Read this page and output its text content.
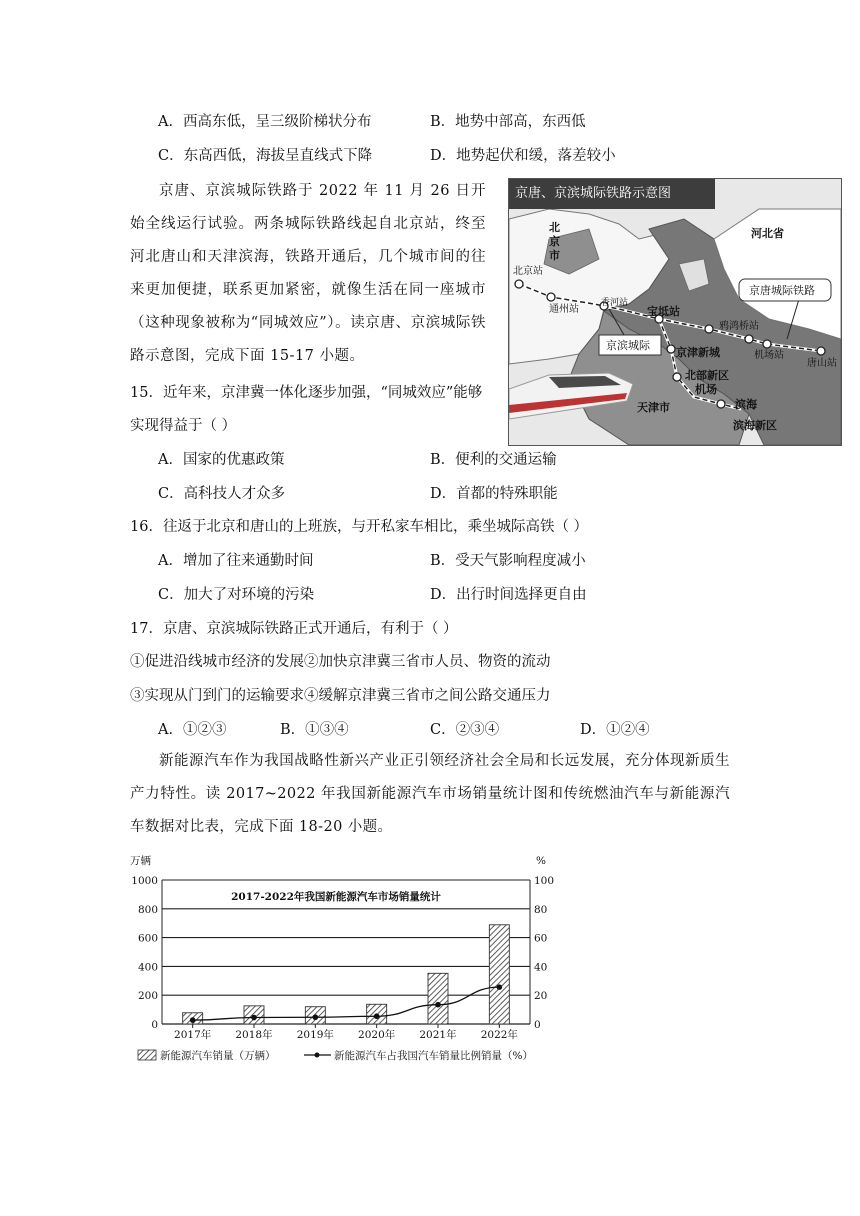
A．西高东低，呈三级阶梯状分布	B．地势中部高，东西低
C．东高西低，海拔呈直线式下降	D．地势起伏和缓，落差较小
京唐、京滨城际铁路于 2022 年 11 月 26 日开始全线运行试验。两条城际铁路线起自北京站，终至河北唐山和天津滨海，铁路开通后，几个城市间的往来更加便捷，联系更加紧密，就像生活在同一座城市（这种现象被称为“同城效应”）。读京唐、京滨城际铁路示意图，完成下面 15-17 小题。
北
京
市
河北省
天津市
滨海新区
北京站
通州站
香河站
宝坻站
京津新城
北部新区
机场
滨海
鸦鸿桥站
机场站
唐山站
京唐城际铁路
京滨城际
京唐、京滨城际铁路示意图
15．近年来，京津冀一体化逐步加强，“同城效应”能够
实现得益于（ ）
A．国家的优惠政策	B．便利的交通运输
C．高科技人才众多	D．首都的特殊职能
16．往返于北京和唐山的上班族，与开私家车相比，乘坐城际高铁（ ）
A．增加了往来通勤时间	B．受天气影响程度减小
C．加大了对环境的污染	D．出行时间选择更自由
17．京唐、京滨城际铁路正式开通后，有利于（ ）
①促进沿线城市经济的发展②加快京津冀三省市人员、物资的流动
③实现从门到门的运输要求④缓解京津冀三省市之间公路交通压力
A．①②③	B．①③④	C．②③④	D．①②④
新能源汽车作为我国战略性新兴产业正引领经济社会全局和长远发展，充分体现新质生产力特性。读 2017~2022 年我国新能源汽车市场销量统计图和传统燃油汽车与新能源汽车数据对比表，完成下面 18-20 小题。
0
200
400
600
800
1000
0
20
40
60
80
100
2017年 2018年 2019年 2020年 2021年 2022年
2017-2022年我国新能源汽车市场销量统计
万辆	%
新能源汽车销量（万辆）	新能源汽车占我国汽车销量比例销量（%）
